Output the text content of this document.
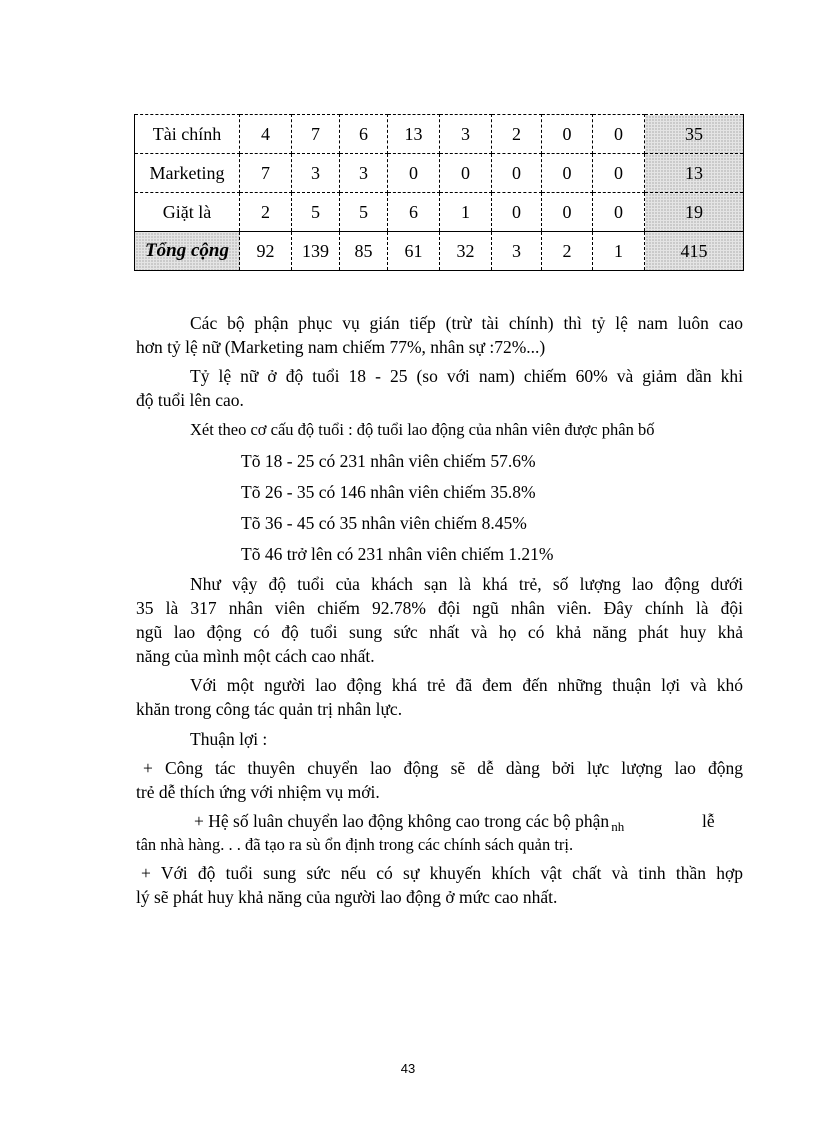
Tài chính	4	7	6	13	3	2	0	0	35
Marketing	7	3	3	0	0	0	0	0	13
Giặt là	2	5	5	6	1	0	0	0	19
Tổng cộng	92	139	85	61	32	3	2	1	415
Các bộ phận phục vụ gián tiếp (trừ tài chính) thì tỷ lệ nam luôn cao
hơn tỷ lệ nữ (Marketing nam chiếm 77%, nhân sự :72%...)
Tỷ lệ nữ ở độ tuổi 18 - 25 (so với nam) chiếm 60% và giảm dần khi
độ tuổi lên cao.
Xét theo cơ cấu độ tuổi : độ tuổi lao động của nhân viên được phân bố
Tõ 18 - 25 có 231 nhân viên chiếm 57.6%
Tõ 26 - 35 có 146 nhân viên chiếm 35.8%
Tõ 36 - 45 có 35 nhân viên chiếm 8.45%
Tõ 46 trở lên có 231 nhân viên chiếm 1.21%
Như vậy độ tuổi của khách sạn là khá trẻ, số lượng lao động dưới
35 là 317 nhân viên chiếm 92.78% đội ngũ nhân viên. Đây chính là đội
ngũ lao động có độ tuổi sung sức nhất và họ có khả năng phát huy khả
năng của mình một cách cao nhất.
Với một người lao động khá trẻ đã đem đến những thuận lợi và khó
khăn trong công tác quản trị nhân lực.
Thuận lợi :
+ Công tác thuyên chuyển lao động sẽ dễ dàng bởi lực lượng lao động
trẻ dễ thích ứng với nhiệm vụ mới.
+ Hệ số luân chuyển lao động không cao trong các bộ phận $_{nh}$	lễ
tân nhà hàng. . . đã tạo ra sù ổn định trong các chính sách quản trị.
+ Với độ tuổi sung sức nếu có sự khuyến khích vật chất và tinh thần hợp
lý sẽ phát huy khả năng của người lao động ở mức cao nhất.
43
